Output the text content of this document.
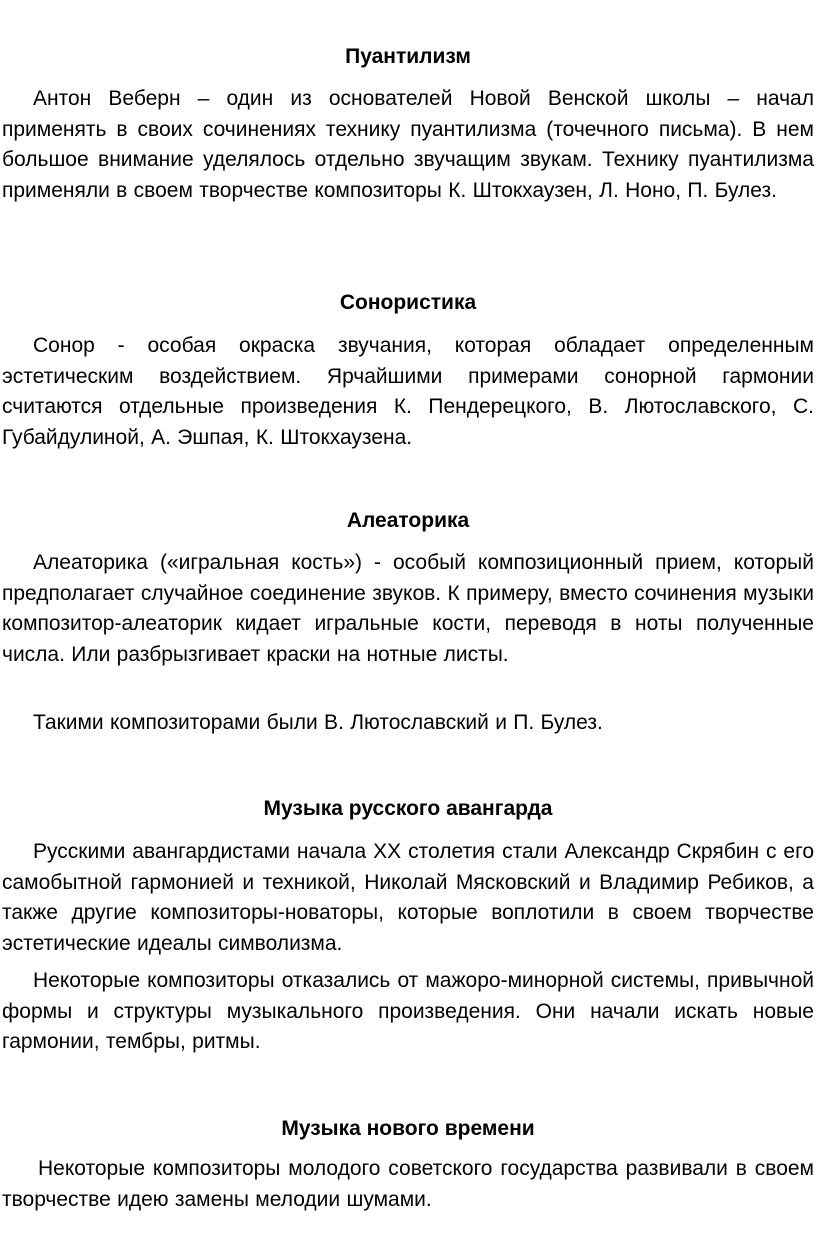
Пуантилизм

Антон Веберн – один из основателей Новой Венской школы – начал применять в своих сочинениях технику пуантилизма (точечного письма). В нем большое внимание уделялось отдельно звучащим звукам. Технику пуантилизма применяли в своем творчестве композиторы К. Штокхаузен, Л. Ноно, П. Булез.

Сонористика

Сонор - особая окраска звучания, которая обладает определенным эстетическим воздействием. Ярчайшими примерами сонорной гармонии считаются отдельные произведения К. Пендерецкого, В. Лютославского, С. Губайдулиной, А. Эшпая, К. Штокхаузена.

Алеаторика

Алеаторика («игральная кость») - особый композиционный прием, который предполагает случайное соединение звуков. К примеру, вместо сочинения музыки композитор-алеаторик кидает игральные кости, переводя в ноты полученные числа. Или разбрызгивает краски на нотные листы.

Такими композиторами были В. Лютославский и П. Булез.

Музыка русского авангарда

Русскими авангардистами начала XX столетия стали Александр Скрябин с его самобытной гармонией и техникой, Николай Мясковский и Владимир Ребиков, а также другие композиторы-новаторы, которые воплотили в своем творчестве эстетические идеалы символизма.

Некоторые композиторы отказались от мажоро-минорной системы, привычной формы и структуры музыкального произведения. Они начали искать новые гармонии, тембры, ритмы.

Музыка нового времени

Некоторые композиторы молодого советского государства развивали в своем творчестве идею замены мелодии шумами.
